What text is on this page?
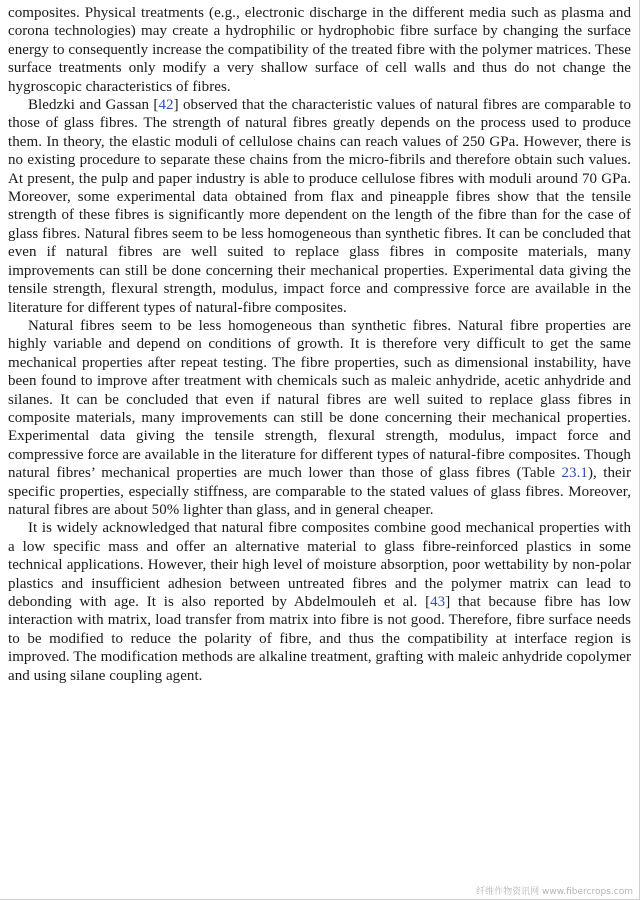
composites. Physical treatments (e.g., electronic discharge in the different media such as plasma and corona technologies) may create a hydrophilic or hydrophobic fibre surface by changing the surface energy to consequently increase the compatibility of the treated fibre with the polymer matrices. These surface treatments only modify a very shallow surface of cell walls and thus do not change the hygroscopic characteristics of fibres.

Bledzki and Gassan [42] observed that the characteristic values of natural fibres are comparable to those of glass fibres. The strength of natural fibres greatly depends on the process used to produce them. In theory, the elastic moduli of cellulose chains can reach values of 250 GPa. However, there is no existing procedure to separate these chains from the micro-fibrils and therefore obtain such values. At present, the pulp and paper industry is able to produce cellulose fibres with moduli around 70 GPa. Moreover, some experimental data obtained from flax and pineapple fibres show that the tensile strength of these fibres is significantly more dependent on the length of the fibre than for the case of glass fibres. Natural fibres seem to be less homogeneous than synthetic fibres. It can be concluded that even if natural fibres are well suited to replace glass fibres in composite materials, many improvements can still be done concerning their mechanical properties. Experimental data giving the tensile strength, flexural strength, modulus, impact force and compressive force are available in the literature for different types of natural-fibre composites.

Natural fibres seem to be less homogeneous than synthetic fibres. Natural fibre properties are highly variable and depend on conditions of growth. It is therefore very difficult to get the same mechanical properties after repeat testing. The fibre properties, such as dimensional instability, have been found to improve after treatment with chemicals such as maleic anhydride, acetic anhydride and silanes. It can be concluded that even if natural fibres are well suited to replace glass fibres in composite materials, many improvements can still be done concerning their mechanical properties. Experimental data giving the tensile strength, flexural strength, modulus, impact force and compressive force are available in the literature for different types of natural-fibre composites. Though natural fibres’ mechanical properties are much lower than those of glass fibres (Table 23.1), their specific properties, especially stiffness, are comparable to the stated values of glass fibres. Moreover, natural fibres are about 50% lighter than glass, and in general cheaper.

It is widely acknowledged that natural fibre composites combine good mechanical properties with a low specific mass and offer an alternative material to glass fibre-reinforced plastics in some technical applications. However, their high level of moisture absorption, poor wettability by non-polar plastics and insufficient adhesion between untreated fibres and the polymer matrix can lead to debonding with age. It is also reported by Abdelmouleh et al. [43] that because fibre has low interaction with matrix, load transfer from matrix into fibre is not good. Therefore, fibre surface needs to be modified to reduce the polarity of fibre, and thus the compatibility at interface region is improved. The modification methods are alkaline treatment, grafting with maleic anhydride copolymer and using silane coupling agent.

纤维作物资讯网 www.fibercrops.com
